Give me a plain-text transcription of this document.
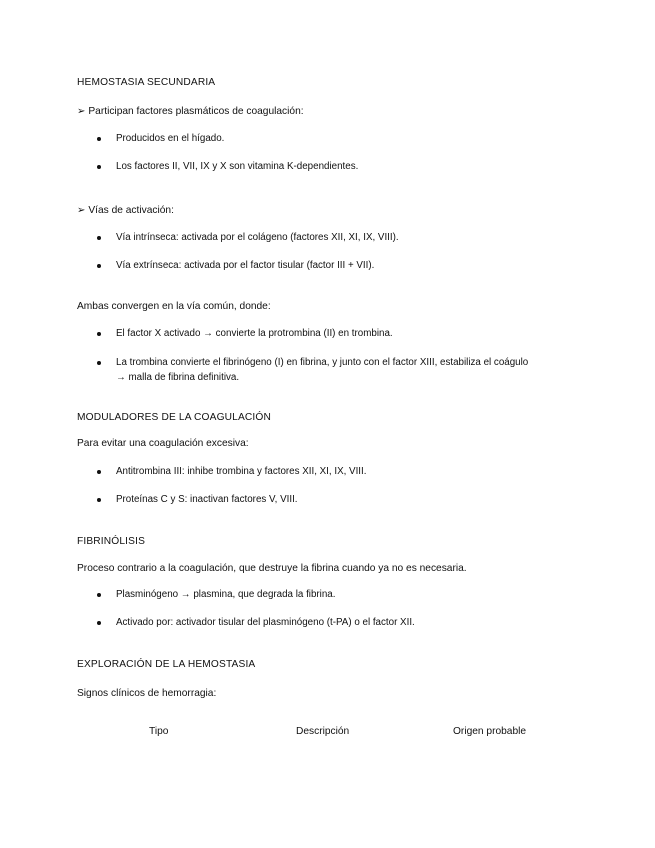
HEMOSTASIA SECUNDARIA
➢ Participan factores plasmáticos de coagulación:
Producidos en el hígado.
Los factores II, VII, IX y X son vitamina K-dependientes.
➢ Vías de activación:
Vía intrínseca: activada por el colágeno (factores XII, XI, IX, VIII).
Vía extrínseca: activada por el factor tisular (factor III + VII).
Ambas convergen en la vía común, donde:
El factor X activado → convierte la protrombina (II) en trombina.
La trombina convierte el fibrinógeno (I) en fibrina, y junto con el factor XIII, estabiliza el coágulo
→ malla de fibrina definitiva.
MODULADORES DE LA COAGULACIÓN
Para evitar una coagulación excesiva:
Antitrombina III: inhibe trombina y factores XII, XI, IX, VIII.
Proteínas C y S: inactivan factores V, VIII.
FIBRINÓLISIS
Proceso contrario a la coagulación, que destruye la fibrina cuando ya no es necesaria.
Plasminógeno → plasmina, que degrada la fibrina.
Activado por: activador tisular del plasminógeno (t-PA) o el factor XII.
EXPLORACIÓN DE LA HEMOSTASIA
Signos clínicos de hemorragia:
Tipo	Descripción	Origen probable
